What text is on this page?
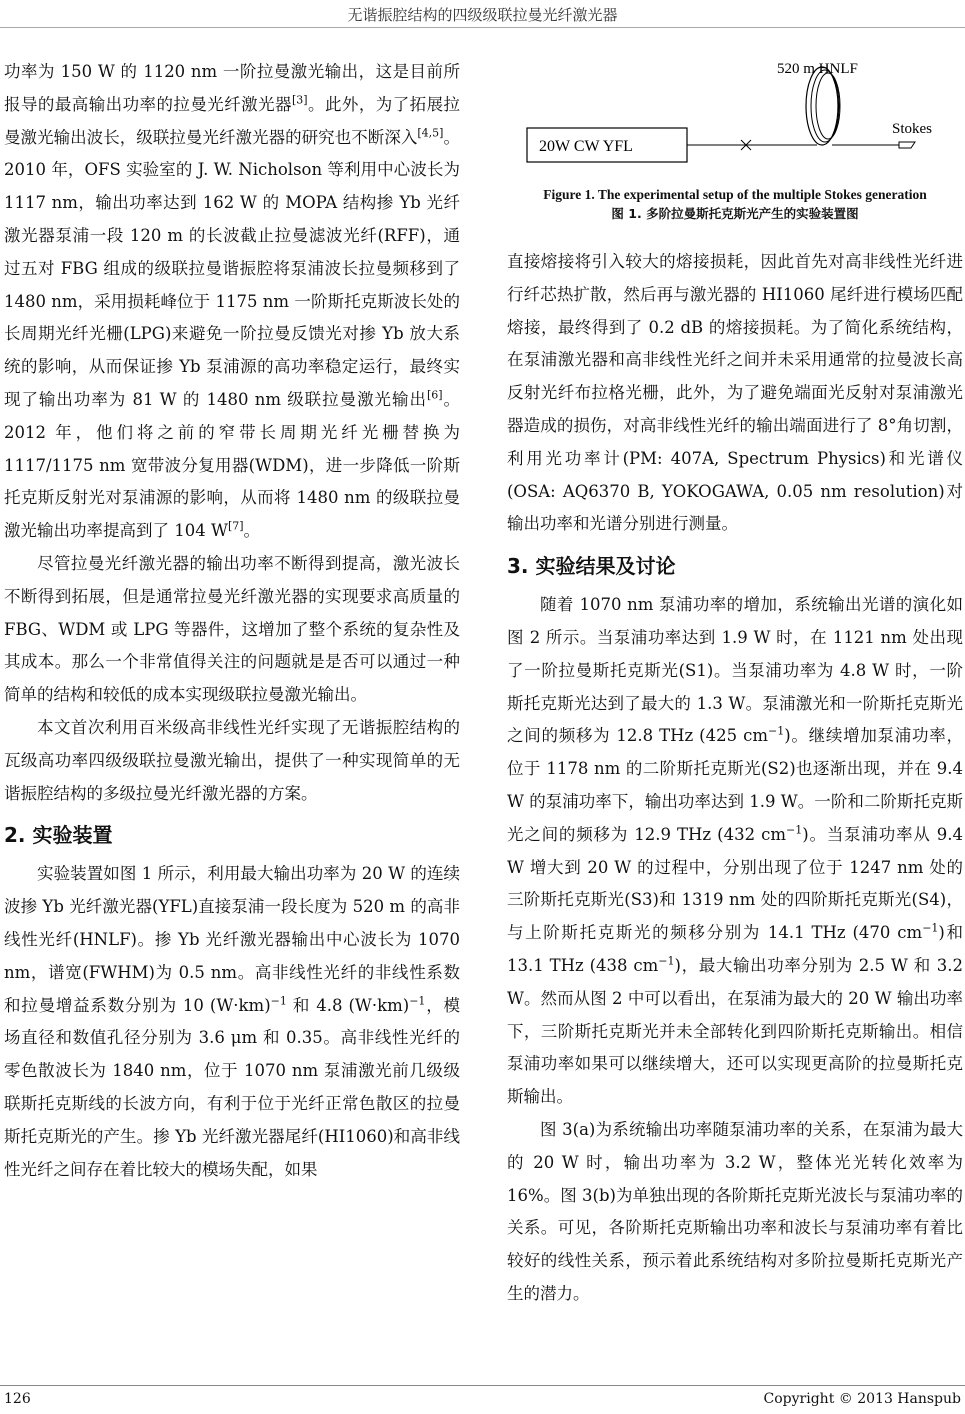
无谐振腔结构的四级级联拉曼光纤激光器

功率为 150 W 的 1120 nm 一阶拉曼激光输出，这是目前所报导的最高输出功率的拉曼光纤激光器[3]。此外，为了拓展拉曼激光输出波长，级联拉曼光纤激光器的研究也不断深入[4,5]。2010 年，OFS 实验室的 J. W. Nicholson 等利用中心波长为 1117 nm，输出功率达到 162 W 的 MOPA 结构掺 Yb 光纤激光器泵浦一段 120 m 的长波截止拉曼滤波光纤(RFF)，通过五对 FBG 组成的级联拉曼谐振腔将泵浦波长拉曼频移到了 1480 nm，采用损耗峰位于 1175 nm 一阶斯托克斯波长处的长周期光纤光栅(LPG)来避免一阶拉曼反馈光对掺 Yb 放大系统的影响，从而保证掺 Yb 泵浦源的高功率稳定运行，最终实现了输出功率为 81 W 的 1480 nm 级联拉曼激光输出[6]。2012 年，他们将之前的窄带长周期光纤光栅替换为 1117/1175 nm 宽带波分复用器(WDM)，进一步降低一阶斯托克斯反射光对泵浦源的影响，从而将 1480 nm 的级联拉曼激光输出功率提高到了 104 W[7]。

尽管拉曼光纤激光器的输出功率不断得到提高，激光波长不断得到拓展，但是通常拉曼光纤激光器的实现要求高质量的 FBG、WDM 或 LPG 等器件，这增加了整个系统的复杂性及其成本。那么一个非常值得关注的问题就是是否可以通过一种简单的结构和较低的成本实现级联拉曼激光输出。

本文首次利用百米级高非线性光纤实现了无谐振腔结构的瓦级高功率四级级联拉曼激光输出，提供了一种实现简单的无谐振腔结构的多级拉曼光纤激光器的方案。

2. 实验装置

实验装置如图 1 所示，利用最大输出功率为 20 W 的连续波掺 Yb 光纤激光器(YFL)直接泵浦一段长度为 520 m 的高非线性光纤(HNLF)。掺 Yb 光纤激光器输出中心波长为 1070 nm，谱宽(FWHM)为 0.5 nm。高非线性光纤的非线性系数和拉曼增益系数分别为 10 $(W\cdot km)^{-1}$ 和 4.8 $(W\cdot km)^{-1}$，模场直径和数值孔径分别为 3.6 μm 和 0.35。高非线性光纤的零色散波长为 1840 nm，位于 1070 nm 泵浦激光前几级级联斯托克斯线的长波方向，有利于位于光纤正常色散区的拉曼斯托克斯光的产生。掺 Yb 光纤激光器尾纤(HI1060)和高非线性光纤之间存在着比较大的模场失配，如果

20W CW YFL
520 m HNLF
Stokes
Figure 1. The experimental setup of the multiple Stokes generation
图 1. 多阶拉曼斯托克斯光产生的实验装置图

直接熔接将引入较大的熔接损耗，因此首先对高非线性光纤进行纤芯热扩散，然后再与激光器的 HI1060 尾纤进行模场匹配熔接，最终得到了 0.2 dB 的熔接损耗。为了简化系统结构，在泵浦激光器和高非线性光纤之间并未采用通常的拉曼波长高反射光纤布拉格光栅，此外，为了避免端面光反射对泵浦激光器造成的损伤，对高非线性光纤的输出端面进行了 8°角切割，利用光功率计(PM: 407A, Spectrum Physics)和光谱仪(OSA: AQ6370 B, YOKOGAWA, 0.05 nm resolution)对输出功率和光谱分别进行测量。

3. 实验结果及讨论

随着 1070 nm 泵浦功率的增加，系统输出光谱的演化如图 2 所示。当泵浦功率达到 1.9 W 时，在 1121 nm 处出现了一阶拉曼斯托克斯光(S1)。当泵浦功率为 4.8 W 时，一阶斯托克斯光达到了最大的 1.3 W。泵浦激光和一阶斯托克斯光之间的频移为 12.8 THz (425 $cm^{-1}$)。继续增加泵浦功率，位于 1178 nm 的二阶斯托克斯光(S2)也逐渐出现，并在 9.4 W 的泵浦功率下，输出功率达到 1.9 W。一阶和二阶斯托克斯光之间的频移为 12.9 THz (432 $cm^{-1}$)。当泵浦功率从 9.4 W 增大到 20 W 的过程中，分别出现了位于 1247 nm 处的三阶斯托克斯光(S3)和 1319 nm 处的四阶斯托克斯光(S4)，与上阶斯托克斯光的频移分别为 14.1 THz (470 $cm^{-1}$)和 13.1 THz (438 $cm^{-1}$)，最大输出功率分别为 2.5 W 和 3.2 W。然而从图 2 中可以看出，在泵浦为最大的 20 W 输出功率下，三阶斯托克斯光并未全部转化到四阶斯托克斯输出。相信泵浦功率如果可以继续增大，还可以实现更高阶的拉曼斯托克斯输出。

图 3(a)为系统输出功率随泵浦功率的关系，在泵浦为最大的 20 W 时，输出功率为 3.2 W，整体光光转化效率为 16%。图 3(b)为单独出现的各阶斯托克斯光波长与泵浦功率的关系。可见，各阶斯托克斯输出功率和波长与泵浦功率有着比较好的线性关系，预示着此系统结构对多阶拉曼斯托克斯光产生的潜力。

126	Copyright © 2013 Hanspub
